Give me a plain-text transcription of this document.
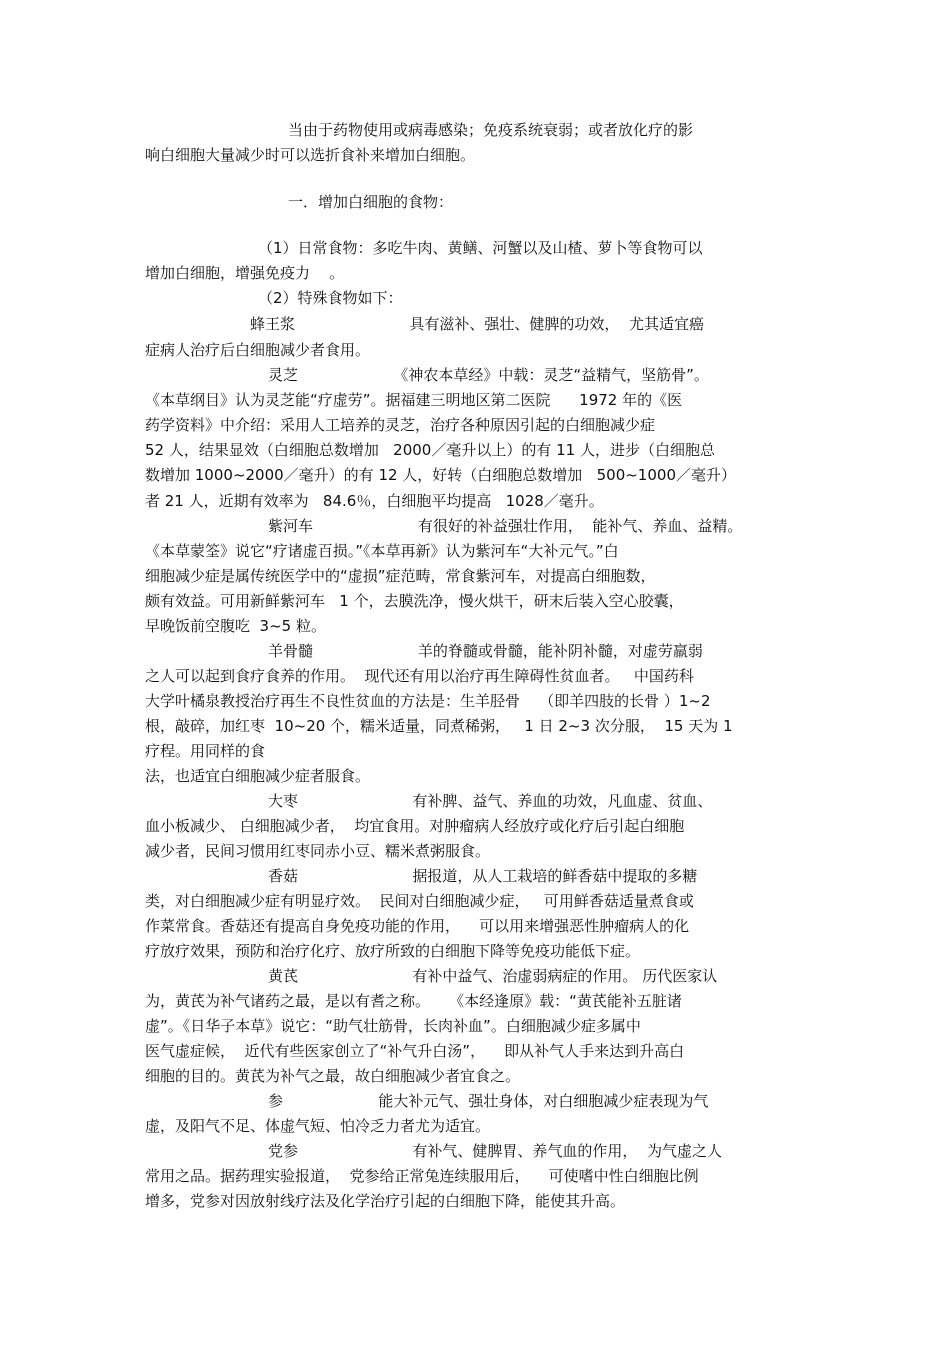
当由于药物使用或病毒感染；免疫系统衰弱；或者放化疗的影
响白细胞大量减少时可以选折食补来增加白细胞。
一．增加白细胞的食物：
（1）日常食物：多吃牛肉、黄鳝、河蟹以及山楂、萝卜等食物可以
增加白细胞，增强免疫力    。
（2）特殊食物如下：
蜂王浆                        具有滋补、强壮、健脾的功效，  尤其适宜癌
症病人治疗后白细胞减少者食用。
灵芝                    《神农本草经》中载：灵芝“益精气，坚筋骨”。
《本草纲目》认为灵芝能“疗虚劳”。据福建三明地区第二医院      1972 年的《医
药学资料》中介绍：采用人工培养的灵芝，治疗各种原因引起的白细胞减少症
52 人，结果显效（白细胞总数增加   2000／毫升以上）的有 11 人，进步（白细胞总
数增加 1000~2000／毫升）的有 12 人，好转（白细胞总数增加   500~1000／毫升）
者 21 人，近期有效率为   84.6％，白细胞平均提高   1028／毫升。
紫河车                      有很好的补益强壮作用，  能补气、养血、益精。
《本草蒙筌》说它“疗诸虚百损。”《本草再新》认为紫河车“大补元气。”白
细胞减少症是属传统医学中的“虚损”症范畴，常食紫河车，对提高白细胞数，
颇有效益。可用新鲜紫河车   1 个，去膜洗净，慢火烘干，研末后装入空心胶囊，
早晚饭前空腹吃  3~5 粒。
羊骨髓                      羊的脊髓或骨髓，能补阴补髓，对虚劳羸弱
之人可以起到食疗食养的作用。  现代还有用以治疗再生障碍性贫血者。   中国药科
大学叶橘泉教授治疗再生不良性贫血的方法是：生羊胫骨    （即羊四肢的长骨 ）1~2
根，敲碎，加红枣  10~20 个，糯米适量，同煮稀粥，   1 日 2~3 次分服，  15 天为 1
疗程。用同样的食
法，也适宜白细胞减少症者服食。
大枣                        有补脾、益气、养血的功效，凡血虚、贫血、
血小板减少、 白细胞减少者，  均宜食用。对肿瘤病人经放疗或化疗后引起白细胞
减少者，民间习惯用红枣同赤小豆、糯米煮粥服食。
香菇                        据报道，从人工栽培的鲜香菇中提取的多糖
类，对白细胞减少症有明显疗效。  民间对白细胞减少症，   可用鲜香菇适量煮食或
作菜常食。香菇还有提高自身免疫功能的作用，    可以用来增强恶性肿瘤病人的化
疗放疗效果，预防和治疗化疗、放疗所致的白细胞下降等免疫功能低下症。
黄芪                        有补中益气、治虚弱病症的作用。 历代医家认
为，黄芪为补气诸药之最，是以有耆之称。    《本经逢原》载：“黄芪能补五脏诸
虚”。《日华子本草》说它：“助气壮筋骨，长肉补血”。白细胞减少症多属中
医气虚症候，  近代有些医家创立了“补气升白汤”，    即从补气人手来达到升高白
细胞的目的。黄芪为补气之最，故白细胞减少者宜食之。
参                    能大补元气、强壮身体，对白细胞减少症表现为气
虚，及阳气不足、体虚气短、怕冷乏力者尤为适宜。
党参                        有补气、健脾胃、养气血的作用，  为气虚之人
常用之品。据药理实验报道，  党参给正常兔连续服用后，    可使嗜中性白细胞比例
增多，党参对因放射线疗法及化学治疗引起的白细胞下降，能使其升高。
